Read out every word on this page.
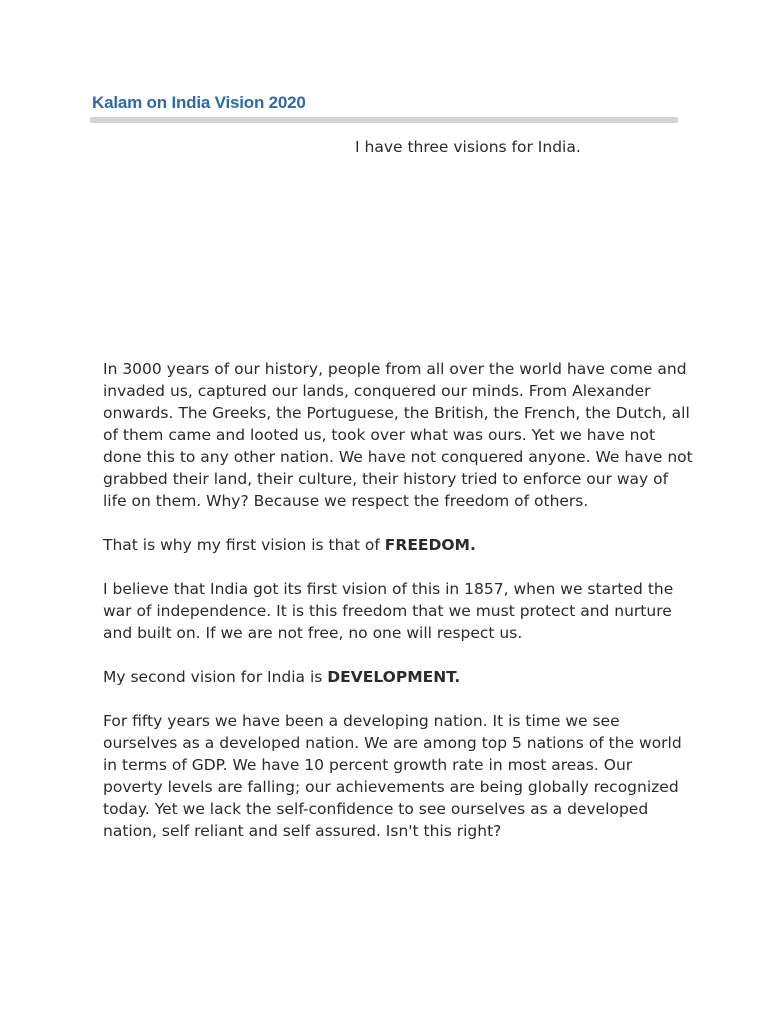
Kalam on India Vision 2020
I have three visions for India.

In 3000 years of our history, people from all over the world have come and invaded us, captured our lands, conquered our minds. From Alexander onwards. The Greeks, the Portuguese, the British, the French, the Dutch, all of them came and looted us, took over what was ours. Yet we have not done this to any other nation. We have not conquered anyone. We have not grabbed their land, their culture, their history tried to enforce our way of life on them. Why? Because we respect the freedom of others.

That is why my first vision is that of FREEDOM.

I believe that India got its first vision of this in 1857, when we started the war of independence. It is this freedom that we must protect and nurture and built on. If we are not free, no one will respect us.

My second vision for India is DEVELOPMENT.

For fifty years we have been a developing nation. It is time we see ourselves as a developed nation. We are among top 5 nations of the world in terms of GDP. We have 10 percent growth rate in most areas. Our poverty levels are falling; our achievements are being globally recognized today. Yet we lack the self-confidence to see ourselves as a developed nation, self reliant and self assured. Isn't this right?
